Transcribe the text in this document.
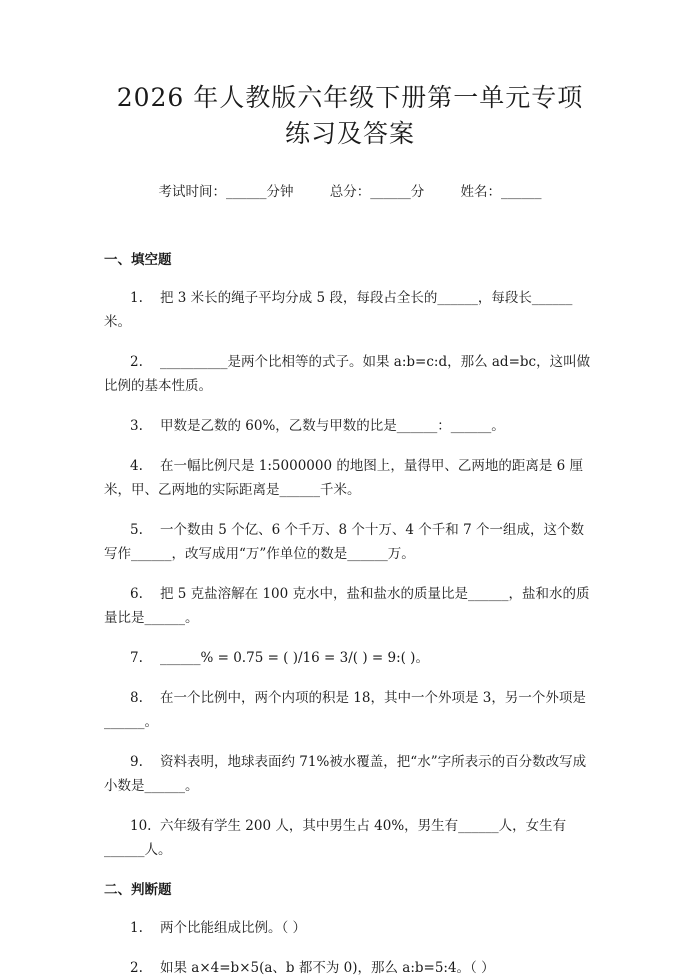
2026 年人教版六年级下册第一单元专项练习及答案
考试时间：______分钟	总分：______分	姓名：______
一、填空题

1. 把 3 米长的绳子平均分成 5 段，每段占全长的______，每段长______米。

2. __________是两个比相等的式子。如果 a:b=c:d，那么 ad=bc，这叫做比例的基本性质。

3. 甲数是乙数的 60%，乙数与甲数的比是______：______。

4. 在一幅比例尺是 1:5000000 的地图上，量得甲、乙两地的距离是 6 厘米，甲、乙两地的实际距离是______千米。

5. 一个数由 5 个亿、6 个千万、8 个十万、4 个千和 7 个一组成，这个数写作______，改写成用“万”作单位的数是______万。

6. 把 5 克盐溶解在 100 克水中，盐和盐水的质量比是______，盐和水的质量比是______。

7. ______% = 0.75 = ( )/16 = 3/( ) = 9:( )。

8. 在一个比例中，两个内项的积是 18，其中一个外项是 3，另一个外项是______。

9. 资料表明，地球表面约 71%被水覆盖，把“水”字所表示的百分数改写成小数是______。

10. 六年级有学生 200 人，其中男生占 40%，男生有______人，女生有______人。

二、判断题

1. 两个比能组成比例。（ ）

2. 如果 a×4=b×5(a、b 都不为 0)，那么 a:b=5:4。（ ）
